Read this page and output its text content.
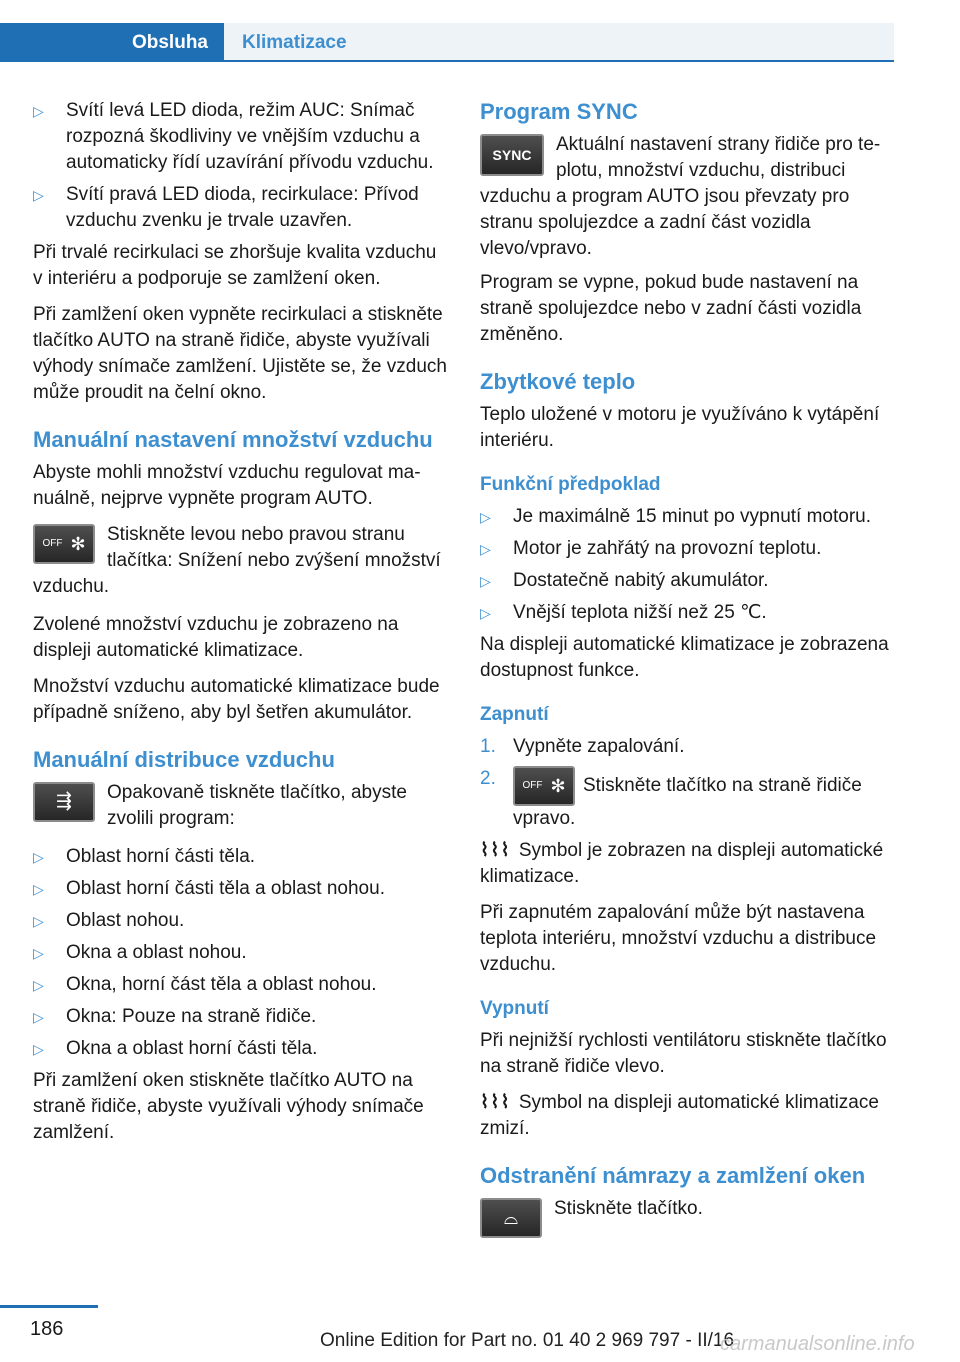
Obsluha	Klimatizace
▷ Svítí levá LED dioda, režim AUC: Snímač rozpozná škodliviny ve vnějším vzduchu a automaticky řídí uzavírání přívodu vzduchu.
▷ Svítí pravá LED dioda, recirkulace: Přívod vzduchu zvenku je trvale uzavřen.

Při trvalé recirkulaci se zhoršuje kvalita vzduchu v interiéru a podporuje se zamlžení oken.

Při zamlžení oken vypněte recirkulaci a stiskněte tlačítko AUTO na straně řidiče, abyste využívali výhody snímače zamlžení. Ujistěte se, že vzduch může proudit na čelní okno.

Manuální nastavení množství vzduchu

Abyste mohli množství vzduchu regulovat manuálně, nejprve vypněte program AUTO.

OFF ✻ Stiskněte levou nebo pravou stranu tlačítka: Snížení nebo zvýšení množství vzduchu.

Zvolené množství vzduchu je zobrazeno na displeji automatické klimatizace.

Množství vzduchu automatické klimatizace bude případně sníženo, aby byl šetřen akumulátor.

Manuální distribuce vzduchu
⇶ Opakovaně tiskněte tlačítko, abyste zvolili program:
▷ Oblast horní části těla.
▷ Oblast horní části těla a oblast nohou.
▷ Oblast nohou.
▷ Okna a oblast nohou.
▷ Okna, horní část těla a oblast nohou.
▷ Okna: Pouze na straně řidiče.
▷ Okna a oblast horní části těla.

Při zamlžení oken stiskněte tlačítko AUTO na straně řidiče, abyste využívali výhody snímače zamlžení.

Program SYNC
SYNC	Aktuální nastavení strany řidiče pro teplotu, množství vzduchu, distribuci vzduchu a program AUTO jsou převzaty pro stranu spolujezdce a zadní část vozidla vlevo/vpravo.

Program se vypne, pokud bude nastavení na straně spolujezdce nebo v zadní části vozidla změněno.

Zbytkové teplo

Teplo uložené v motoru je využíváno k vytápění interiéru.

Funkční předpoklad
▷ Je maximálně 15 minut po vypnutí motoru.
▷ Motor je zahřátý na provozní teplotu.
▷ Dostatečně nabitý akumulátor.
▷ Vnější teplota nižší než 25 ℃.

Na displeji automatické klimatizace je zobrazena dostupnost funkce.

Zapnutí
1. Vypněte zapalování.
2.	OFF ✻ Stiskněte tlačítko na straně řidiče vpravo.

⌇⌇⌇ Symbol je zobrazen na displeji automatické klimatizace.

Při zapnutém zapalování může být nastavena teplota interiéru, množství vzduchu a distribuce vzduchu.

Vypnutí

Při nejnižší rychlosti ventilátoru stiskněte tlačítko na straně řidiče vlevo.

⌇⌇⌇ Symbol na displeji automatické klimatizace zmizí.

Odstranění námrazy a zamlžení oken
⌓ Stiskněte tlačítko.
186
Online Edition for Part no. 01 40 2 969 797 - II/16
carmanualsonline.info
